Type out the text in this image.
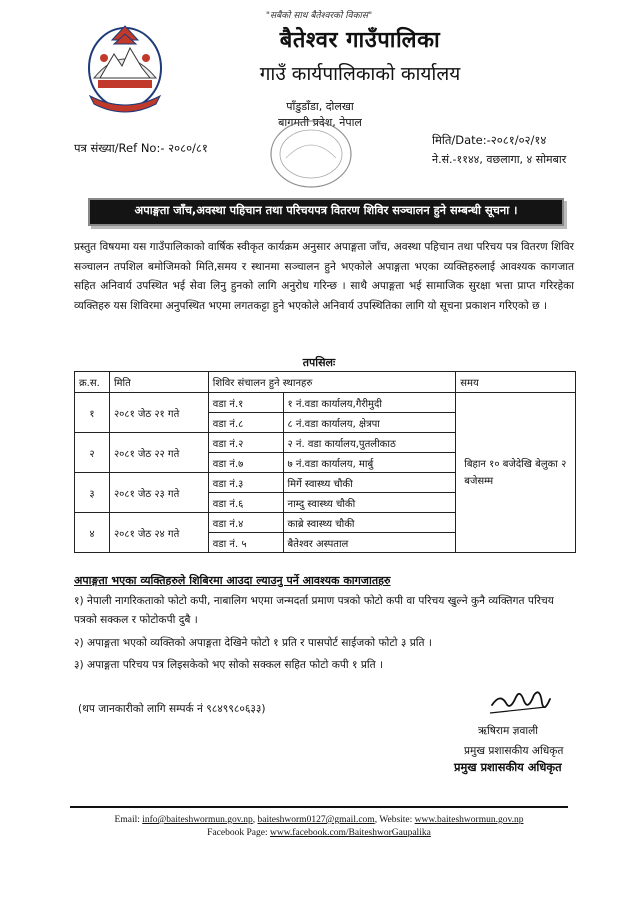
"सबैको साथ बैतेश्वरको विकास"
बैतेश्वर गाउँपालिका
गाउँ कार्यपालिकाको कार्यालय
पाँडुडाँडा, दोलखा
बागमती प्रदेश, नेपाल
पत्र संख्या/Ref No:- २०८०/८१
मिति/Date:-२०८१/०२/१४
ने.सं.-११४४, वछलागा, ४ सोमबार
अपाङ्गता जाँच,अवस्था पहिचान तथा परिचयपत्र वितरण शिविर सञ्चालन हुने सम्बन्धी सूचना ।
प्रस्तुत विषयमा यस गाउँपालिकाको वार्षिक स्वीकृत कार्यक्रम अनुसार अपाङ्गता जाँच, अवस्था पहिचान तथा परिचय पत्र वितरण शिविर सञ्चालन तपशिल बमोजिमको मिति,समय र स्थानमा सञ्चालन हुने भएकोले अपाङ्गता भएका व्यक्तिहरुलाई आवश्यक कागजात सहित अनिवार्य उपस्थित भई सेवा लिनु हुनको लागि अनुरोध गरिन्छ । साथै अपाङ्गता भई सामाजिक सुरक्षा भत्ता प्राप्त गरिरहेका व्यक्तिहरु यस शिविरमा अनुपस्थित भएमा लगतकट्टा हुने भएकोले अनिवार्य उपस्थितिका लागि यो सूचना प्रकाशन गरिएको छ ।
तपसिलः
क्र.स.	मिति	शिविर संचालन हुने स्थानहरु		समय
१	२०८१ जेठ २१ गते	वडा नं.१	१ नं.वडा कार्यालय,गैरीमुदी	बिहान १० बजेदेखि बेलुका २ बजेसम्म
		वडा नं.८	८ नं.वडा कार्यालय, क्षेत्रपा	
२	२०८१ जेठ २२ गते	वडा नं.२	२ नं. वडा कार्यालय,पुतलीकाठ	
		वडा नं.७	७ नं.वडा कार्यालय, मार्बु	
३	२०८१ जेठ २३ गते	वडा नं.३	मिर्गे स्वास्थ्य चौकी	
		वडा नं.६	नाम्दु स्वास्थ्य चौकी	
४	२०८१ जेठ २४ गते	वडा नं.४	काब्रे स्वास्थ्य चौकी	
		वडा नं. ५	बैतेश्वर अस्पताल	
अपाङ्गता भएका व्यक्तिहरुले शिबिरमा आउदा ल्याउनु पर्ने आवश्यक कागजातहरु
१) नेपाली नागरिकताको फोटो कपी, नाबालिग भएमा जन्मदर्ता प्रमाण पत्रको फोटो कपी वा परिचय खुल्ने कुनै व्यक्तिगत परिचय पत्रको सक्कल र फोटोकपी दुबै ।
२) अपाङ्गता भएको व्यक्तिको अपाङ्गता देखिने फोटो १ प्रति र पासपोर्ट साईजको फोटो ३ प्रति ।
३) अपाङ्गता परिचय पत्र लिइसकेको भए सोको सक्कल सहित फोटो कपी १ प्रति ।
(थप जानकारीको लागि सम्पर्क नं ९८४९९८०६३३)
ऋषिराम ज्ञवाली
प्रमुख प्रशासकीय अधिकृत
प्रमुख प्रशासकीय अधिकृत
Email: info@baiteshwormun.gov.np, baiteshworm0127@gmail.com, Website: www.baiteshwormun.gov.np
Facebook Page: www.facebook.com/BaiteshworGaupalika
